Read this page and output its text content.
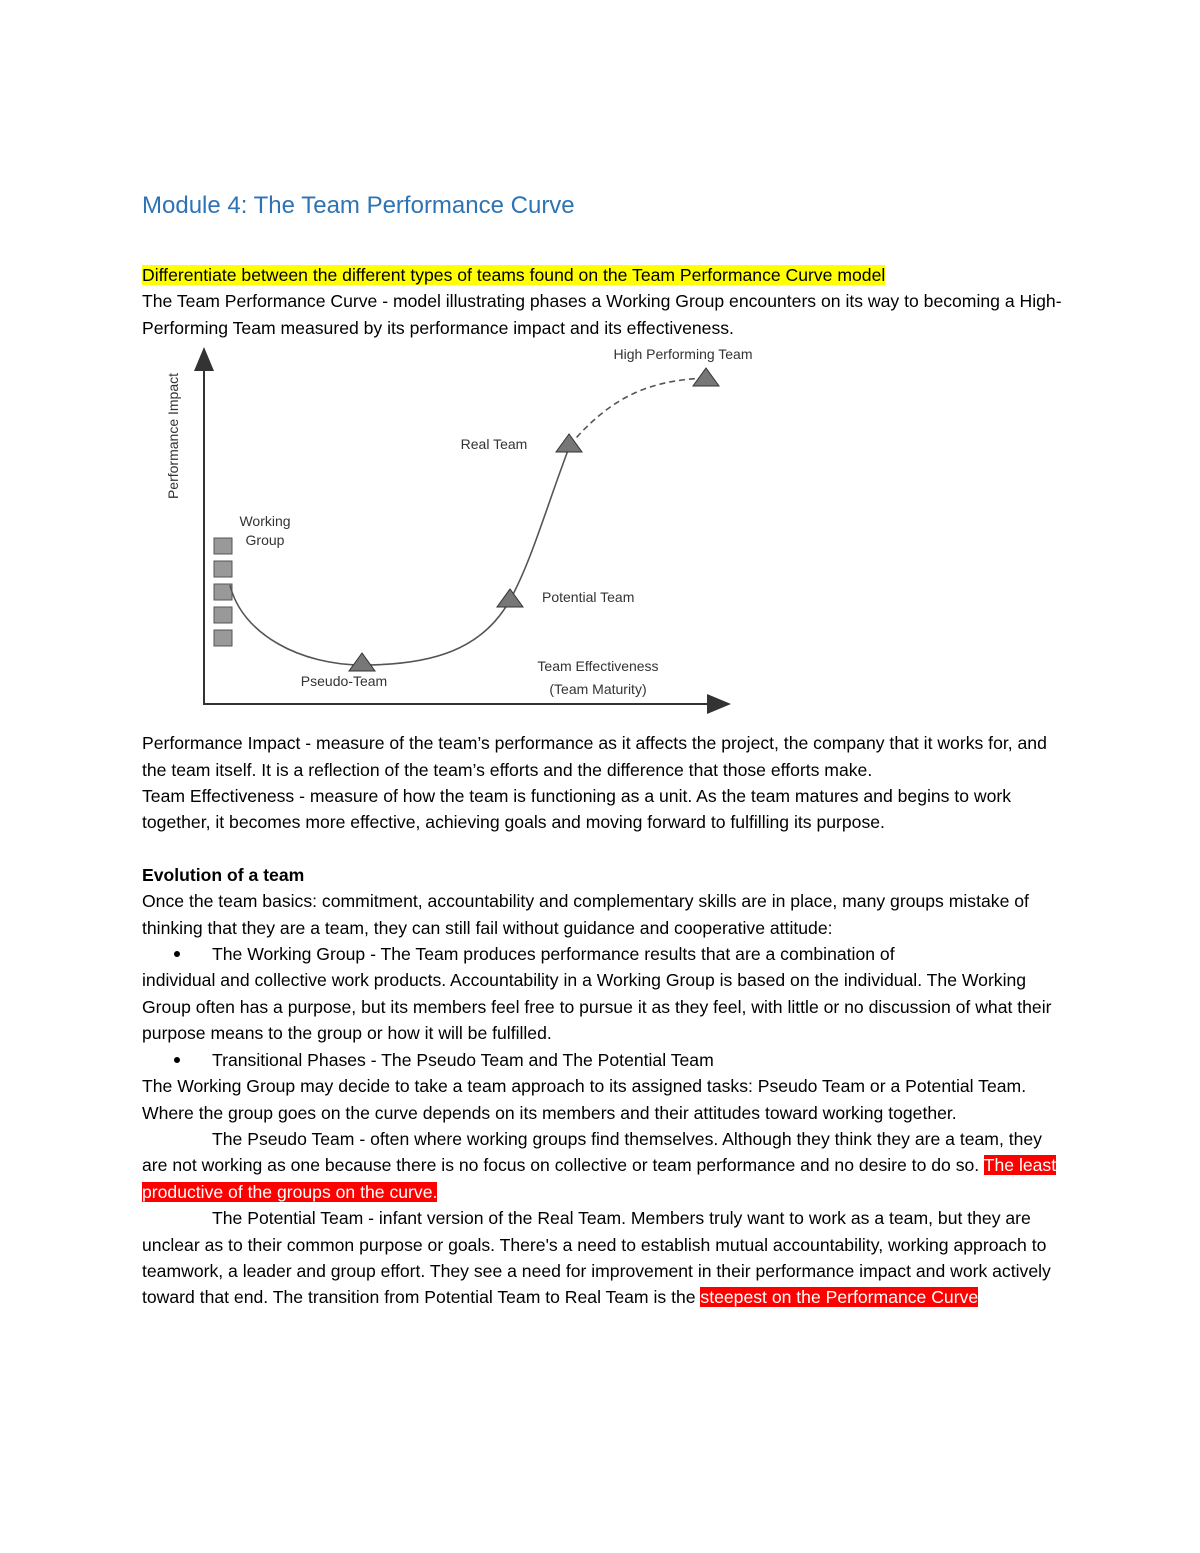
Module 4: The Team Performance Curve

Differentiate between the different types of teams found on the Team Performance Curve model

The Team Performance Curve - model illustrating phases a Working Group encounters on its way to becoming a High-Performing Team measured by its performance impact and its effectiveness.

Performance Impact
Working
Group
Pseudo-Team
Potential Team
Real Team
High Performing Team
Team Effectiveness
(Team Maturity)

Performance Impact - measure of the team’s performance as it affects the project, the company that it works for, and the team itself. It is a reflection of the team’s efforts and the difference that those efforts make.

Team Effectiveness - measure of how the team is functioning as a unit. As the team matures and begins to work together, it becomes more effective, achieving goals and moving forward to fulfilling its purpose.

Evolution of a team

Once the team basics: commitment, accountability and complementary skills are in place, many groups mistake of thinking that they are a team, they can still fail without guidance and cooperative attitude:

The Working Group - The Team produces performance results that are a combination of

individual and collective work products. Accountability in a Working Group is based on the individual. The Working Group often has a purpose, but its members feel free to pursue it as they feel, with little or no discussion of what their purpose means to the group or how it will be fulfilled.

Transitional Phases - The Pseudo Team and The Potential Team

The Working Group may decide to take a team approach to its assigned tasks: Pseudo Team or a Potential Team. Where the group goes on the curve depends on its members and their attitudes toward working together.

The Pseudo Team - often where working groups find themselves. Although they think they are a team, they are not working as one because there is no focus on collective or team performance and no desire to do so. The least productive of the groups on the curve.

The Potential Team - infant version of the Real Team. Members truly want to work as a team, but they are unclear as to their common purpose or goals. There's a need to establish mutual accountability, working approach to teamwork, a leader and group effort. They see a need for improvement in their performance impact and work actively toward that end. The transition from Potential Team to Real Team is the steepest on the Performance Curve
